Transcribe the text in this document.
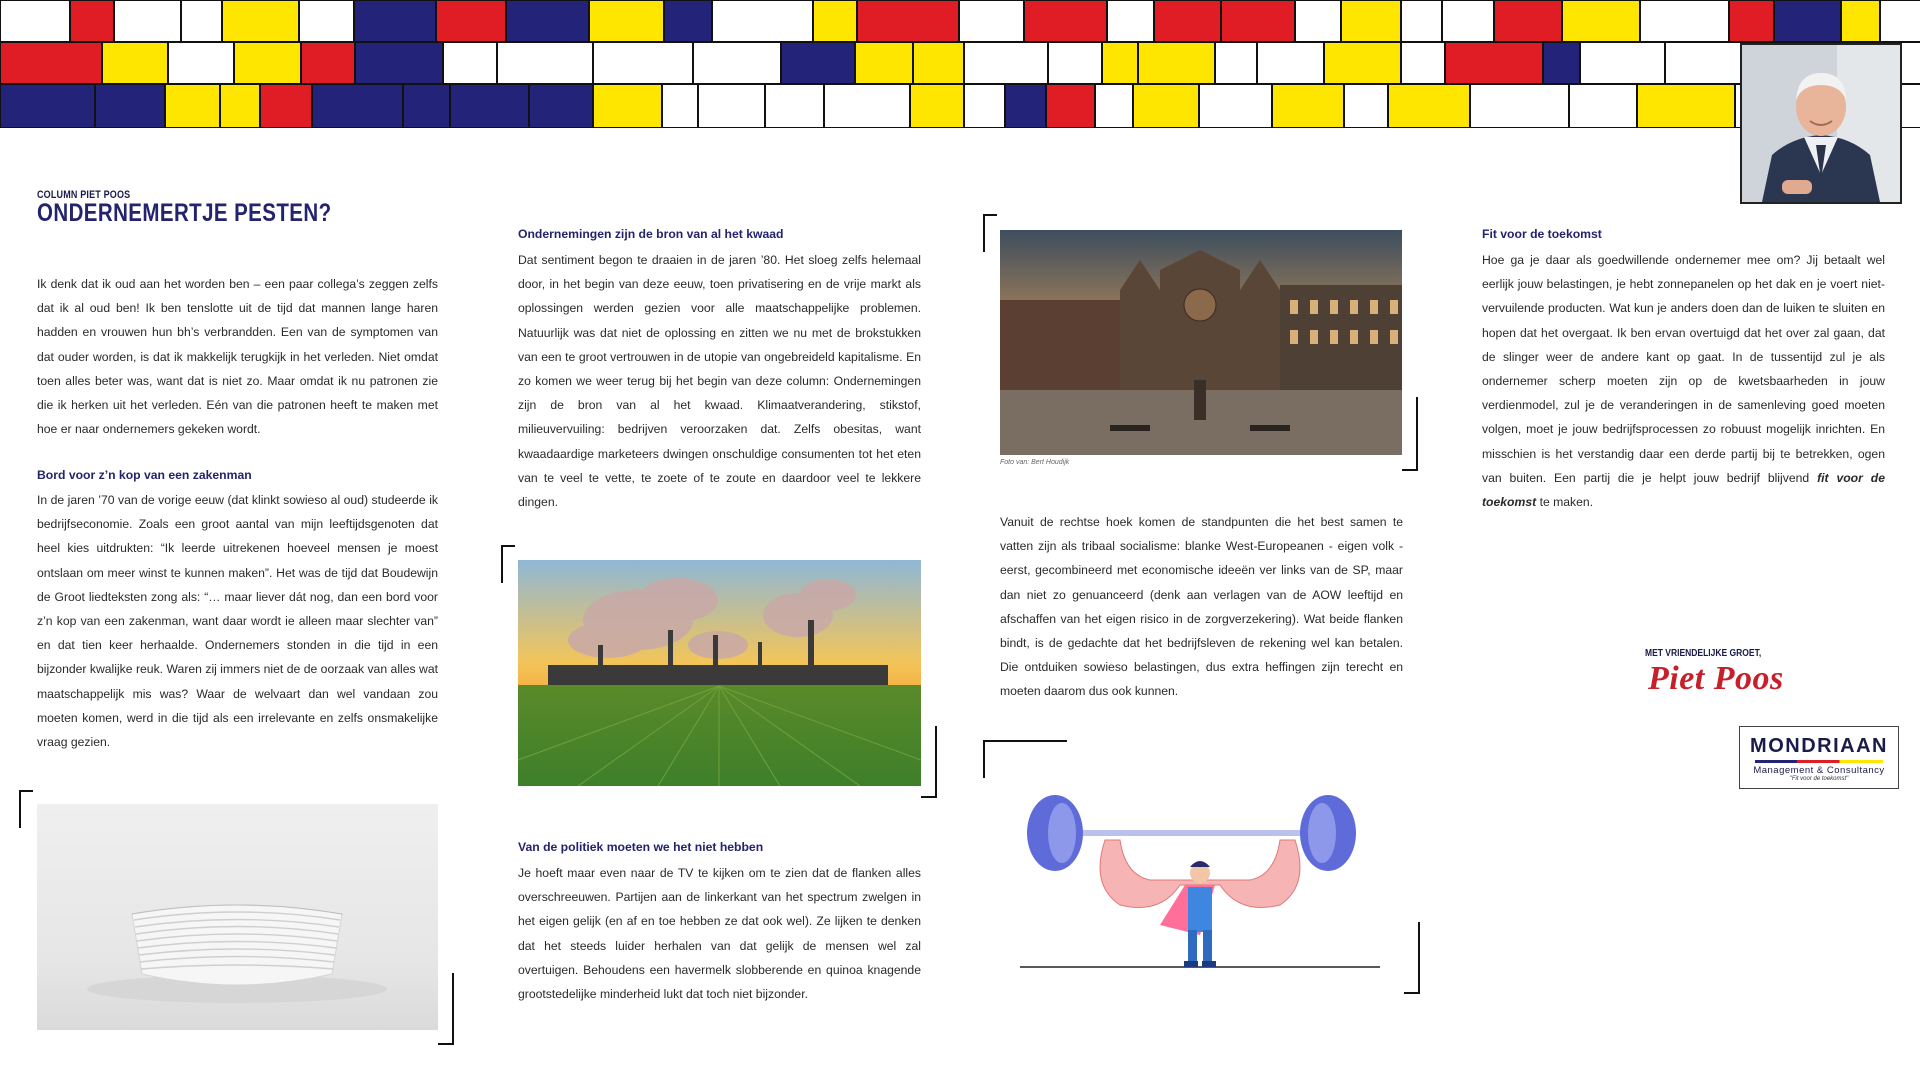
COLUMN PIET POOS
ONDERNEMERTJE PESTEN?

Ik denk dat ik oud aan het worden ben – een paar collega’s zeggen zelfs dat ik al oud ben! Ik ben tenslotte uit de tijd dat mannen lange haren hadden en vrouwen hun bh’s verbrandden. Een van de symptomen van dat ouder worden, is dat ik makkelijk terugkijk in het verleden. Niet omdat toen alles beter was, want dat is niet zo. Maar omdat ik nu patronen zie die ik herken uit het verleden. Eén van die patronen heeft te maken met hoe er naar ondernemers gekeken wordt.

Bord voor z’n kop van een zakenman

In de jaren ’70 van de vorige eeuw (dat klinkt sowieso al oud) studeerde ik bedrijfseconomie. Zoals een groot aantal van mijn leeftijdsgenoten dat heel kies uitdrukten: “Ik leerde uitrekenen hoeveel mensen je moest ontslaan om meer winst te kunnen maken”. Het was de tijd dat Boudewijn de Groot liedteksten zong als: “… maar liever dát nog, dan een bord voor z’n kop van een zakenman, want daar wordt ie alleen maar slechter van” en dat tien keer herhaalde. Ondernemers stonden in die tijd in een bijzonder kwalijke reuk. Waren zij immers niet de de oorzaak van alles wat maatschappelijk mis was? Waar de welvaart dan wel vandaan zou moeten komen, werd in die tijd als een irrelevante en zelfs onsmakelijke vraag gezien.

Ondernemingen zijn de bron van al het kwaad

Dat sentiment begon te draaien in de jaren ’80. Het sloeg zelfs helemaal door, in het begin van deze eeuw, toen privatisering en de vrije markt als oplossingen werden gezien voor alle maatschappelijke problemen. Natuurlijk was dat niet de oplossing en zitten we nu met de brokstukken van een te groot vertrouwen in de utopie van ongebreideld kapitalisme. En zo komen we weer terug bij het begin van deze column: Ondernemingen zijn de bron van al het kwaad. Klimaatverandering, stikstof, milieuvervuiling: bedrijven veroorzaken dat. Zelfs obesitas, want kwaadaardige marketeers dwingen onschuldige consumenten tot het eten van te veel te vette, te zoete of te zoute en daardoor veel te lekkere dingen.

Van de politiek moeten we het niet hebben

Je hoeft maar even naar de TV te kijken om te zien dat de flanken alles overschreeuwen. Partijen aan de linkerkant van het spectrum zwelgen in het eigen gelijk (en af en toe hebben ze dat ook wel). Ze lijken te denken dat het steeds luider herhalen van dat gelijk de mensen wel zal overtuigen. Behoudens een havermelk slobberende en quinoa knagende grootstedelijke minderheid lukt dat toch niet bijzonder.

Foto van: Bert Houdijk

Vanuit de rechtse hoek komen de standpunten die het best samen te vatten zijn als tribaal socialisme: blanke West-Europeanen - eigen volk - eerst, gecombineerd met economische ideeën ver links van de SP, maar dan niet zo genuanceerd (denk aan verlagen van de AOW leeftijd en afschaffen van het eigen risico in de zorgverzekering). Wat beide flanken bindt, is de gedachte dat het bedrijfsleven de rekening wel kan betalen. Die ontduiken sowieso belastingen, dus extra heffingen zijn terecht en moeten daarom dus ook kunnen.

Fit voor de toekomst

Hoe ga je daar als goedwillende ondernemer mee om? Jij betaalt wel eerlijk jouw belastingen, je hebt zonnepanelen op het dak en je voert niet-vervuilende producten. Wat kun je anders doen dan de luiken te sluiten en hopen dat het overgaat. Ik ben ervan overtuigd dat het over zal gaan, dat de slinger weer de andere kant op gaat. In de tussentijd zul je als ondernemer scherp moeten zijn op de kwetsbaarheden in jouw verdienmodel, zul je de veranderingen in de samenleving goed moeten volgen, moet je jouw bedrijfsprocessen zo robuust mogelijk inrichten. En misschien is het verstandig daar een derde partij bij te betrekken, ogen van buiten. Een partij die je helpt jouw bedrijf blijvend fit voor de toekomst te maken.

MET VRIENDELIJKE GROET,
Piet Poos
MONDRIAAN
Management & Consultancy
"Fit voor de toekomst"
